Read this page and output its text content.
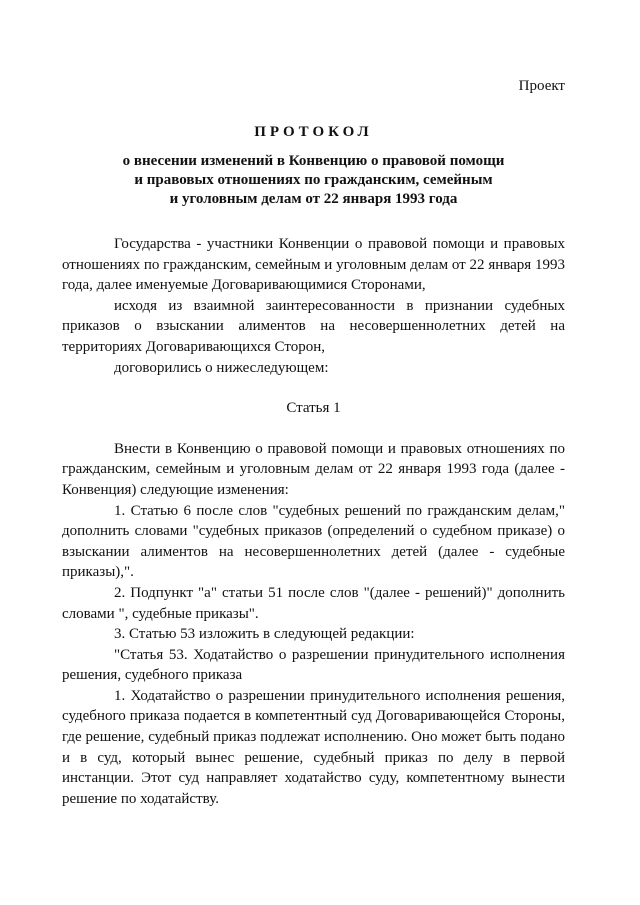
Проект
ПРОТОКОЛ
о внесении изменений в Конвенцию о правовой помощи
и правовых отношениях по гражданским, семейным
и уголовным делам от 22 января 1993 года

Государства - участники Конвенции о правовой помощи и правовых отношениях по гражданским, семейным и уголовным делам от 22 января 1993 года, далее именуемые Договаривающимися Сторонами,

исходя из взаимной заинтересованности в признании судебных приказов о взыскании алиментов на несовершеннолетних детей на территориях Договаривающихся Сторон,

договорились о нижеследующем:

Статья 1

Внести в Конвенцию о правовой помощи и правовых отношениях по гражданским, семейным и уголовным делам от 22 января 1993 года (далее - Конвенция) следующие изменения:

1. Статью 6 после слов "судебных решений по гражданским делам," дополнить словами "судебных приказов (определений о судебном приказе) о взыскании алиментов на несовершеннолетних детей (далее - судебные приказы),".

2. Подпункт "а" статьи 51 после слов "(далее - решений)" дополнить словами ", судебные приказы".

3. Статью 53 изложить в следующей редакции:

"Статья 53. Ходатайство о разрешении принудительного исполнения решения, судебного приказа

1. Ходатайство о разрешении принудительного исполнения решения, судебного приказа подается в компетентный суд Договаривающейся Стороны, где решение, судебный приказ подлежат исполнению. Оно может быть подано и в суд, который вынес решение, судебный приказ по делу в первой инстанции. Этот суд направляет ходатайство суду, компетентному вынести решение по ходатайству.
